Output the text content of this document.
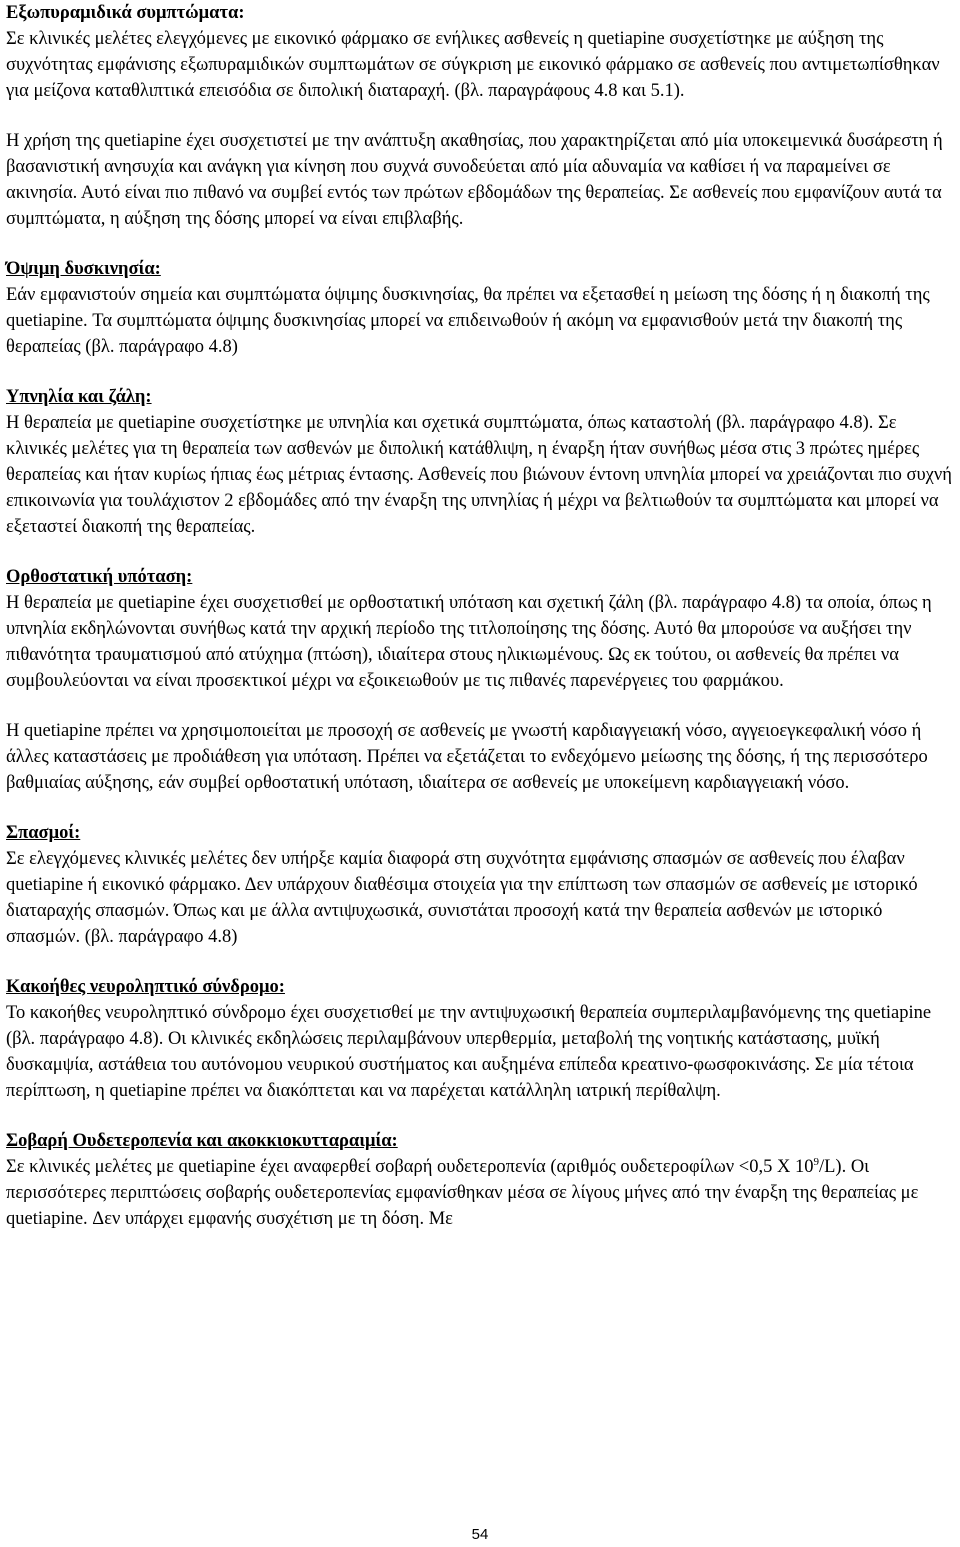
Εξωπυραμιδικά συμπτώματα:

Σε κλινικές μελέτες ελεγχόμενες με εικονικό φάρμακο σε ενήλικες ασθενείς η quetiapine συσχετίστηκε με αύξηση της συχνότητας εμφάνισης εξωπυραμιδικών συμπτωμάτων σε σύγκριση με εικονικό φάρμακο σε ασθενείς που αντιμετωπίσθηκαν για μείζονα καταθλιπτικά επεισόδια σε διπολική διαταραχή. (βλ. παραγράφους 4.8 και 5.1).

Η χρήση της quetiapine έχει συσχετιστεί με την ανάπτυξη ακαθησίας, που χαρακτηρίζεται από μία υποκειμενικά δυσάρεστη ή βασανιστική ανησυχία και ανάγκη για κίνηση που συχνά συνοδεύεται από μία αδυναμία να καθίσει ή να παραμείνει σε ακινησία. Αυτό είναι πιο πιθανό να συμβεί εντός των πρώτων εβδομάδων της θεραπείας. Σε ασθενείς που εμφανίζουν αυτά τα συμπτώματα, η αύξηση της δόσης μπορεί να είναι επιβλαβής.

Όψιμη δυσκινησία:

Εάν εμφανιστούν σημεία και συμπτώματα όψιμης δυσκινησίας, θα πρέπει να εξετασθεί η μείωση της δόσης ή η διακοπή της quetiapine. Τα συμπτώματα όψιμης δυσκινησίας μπορεί να επιδεινωθούν ή ακόμη να εμφανισθούν μετά την διακοπή της θεραπείας (βλ. παράγραφο 4.8)

Υπνηλία και ζάλη:

Η θεραπεία με quetiapine συσχετίστηκε με υπνηλία και σχετικά συμπτώματα, όπως καταστολή (βλ. παράγραφο 4.8). Σε κλινικές μελέτες για τη θεραπεία των ασθενών με διπολική κατάθλιψη, η έναρξη ήταν συνήθως μέσα στις 3 πρώτες ημέρες θεραπείας και ήταν κυρίως ήπιας έως μέτριας έντασης. Ασθενείς που βιώνουν έντονη υπνηλία μπορεί να χρειάζονται πιο συχνή επικοινωνία για τουλάχιστον 2 εβδομάδες από την έναρξη της υπνηλίας ή μέχρι να βελτιωθούν τα συμπτώματα και μπορεί να εξεταστεί διακοπή της θεραπείας.

Ορθοστατική υπόταση:

Η θεραπεία με quetiapine έχει συσχετισθεί με ορθοστατική υπόταση και σχετική ζάλη (βλ. παράγραφο 4.8) τα οποία, όπως η υπνηλία εκδηλώνονται συνήθως κατά την αρχική περίοδο της τιτλοποίησης της δόσης. Αυτό θα μπορούσε να αυξήσει την πιθανότητα τραυματισμού από ατύχημα (πτώση), ιδιαίτερα στους ηλικιωμένους. Ως εκ τούτου, οι ασθενείς θα πρέπει να συμβουλεύονται να είναι προσεκτικοί μέχρι να εξοικειωθούν με τις πιθανές παρενέργειες του φαρμάκου.

Η quetiapine πρέπει να χρησιμοποιείται με προσοχή σε ασθενείς με γνωστή καρδιαγγειακή νόσο, αγγειοεγκεφαλική νόσο ή άλλες καταστάσεις με προδιάθεση για υπόταση. Πρέπει να εξετάζεται το ενδεχόμενο μείωσης της δόσης, ή της περισσότερο βαθμιαίας αύξησης, εάν συμβεί ορθοστατική υπόταση, ιδιαίτερα σε ασθενείς με υποκείμενη καρδιαγγειακή νόσο.

Σπασμοί:

Σε ελεγχόμενες κλινικές μελέτες δεν υπήρξε καμία διαφορά στη συχνότητα εμφάνισης σπασμών σε ασθενείς που έλαβαν quetiapine ή εικονικό φάρμακο. Δεν υπάρχουν διαθέσιμα στοιχεία για την επίπτωση των σπασμών σε ασθενείς με ιστορικό διαταραχής σπασμών. Όπως και με άλλα αντιψυχωσικά, συνιστάται προσοχή κατά την θεραπεία ασθενών με ιστορικό σπασμών. (βλ. παράγραφο 4.8)

Κακοήθες νευροληπτικό σύνδρομο:

Το κακοήθες νευροληπτικό σύνδρομο έχει συσχετισθεί με την αντιψυχωσική θεραπεία συμπεριλαμβανόμενης της quetiapine (βλ. παράγραφο 4.8). Οι κλινικές εκδηλώσεις περιλαμβάνουν υπερθερμία, μεταβολή της νοητικής κατάστασης, μυϊκή δυσκαμψία, αστάθεια του αυτόνομου νευρικού συστήματος και αυξημένα επίπεδα κρεατινο-φωσφοκινάσης. Σε μία τέτοια περίπτωση, η quetiapine πρέπει να διακόπτεται και να παρέχεται κατάλληλη ιατρική περίθαλψη.

Σοβαρή Ουδετεροπενία και ακοκκιοκυτταραιμία:

Σε κλινικές μελέτες με quetiapine έχει αναφερθεί σοβαρή ουδετεροπενία (αριθμός ουδετεροφίλων <0,5 Χ $10^9/L$). Οι περισσότερες περιπτώσεις σοβαρής ουδετεροπενίας εμφανίσθηκαν μέσα σε λίγους μήνες από την έναρξη της θεραπείας με quetiapine. Δεν υπάρχει εμφανής συσχέτιση με τη δόση. Με

54
